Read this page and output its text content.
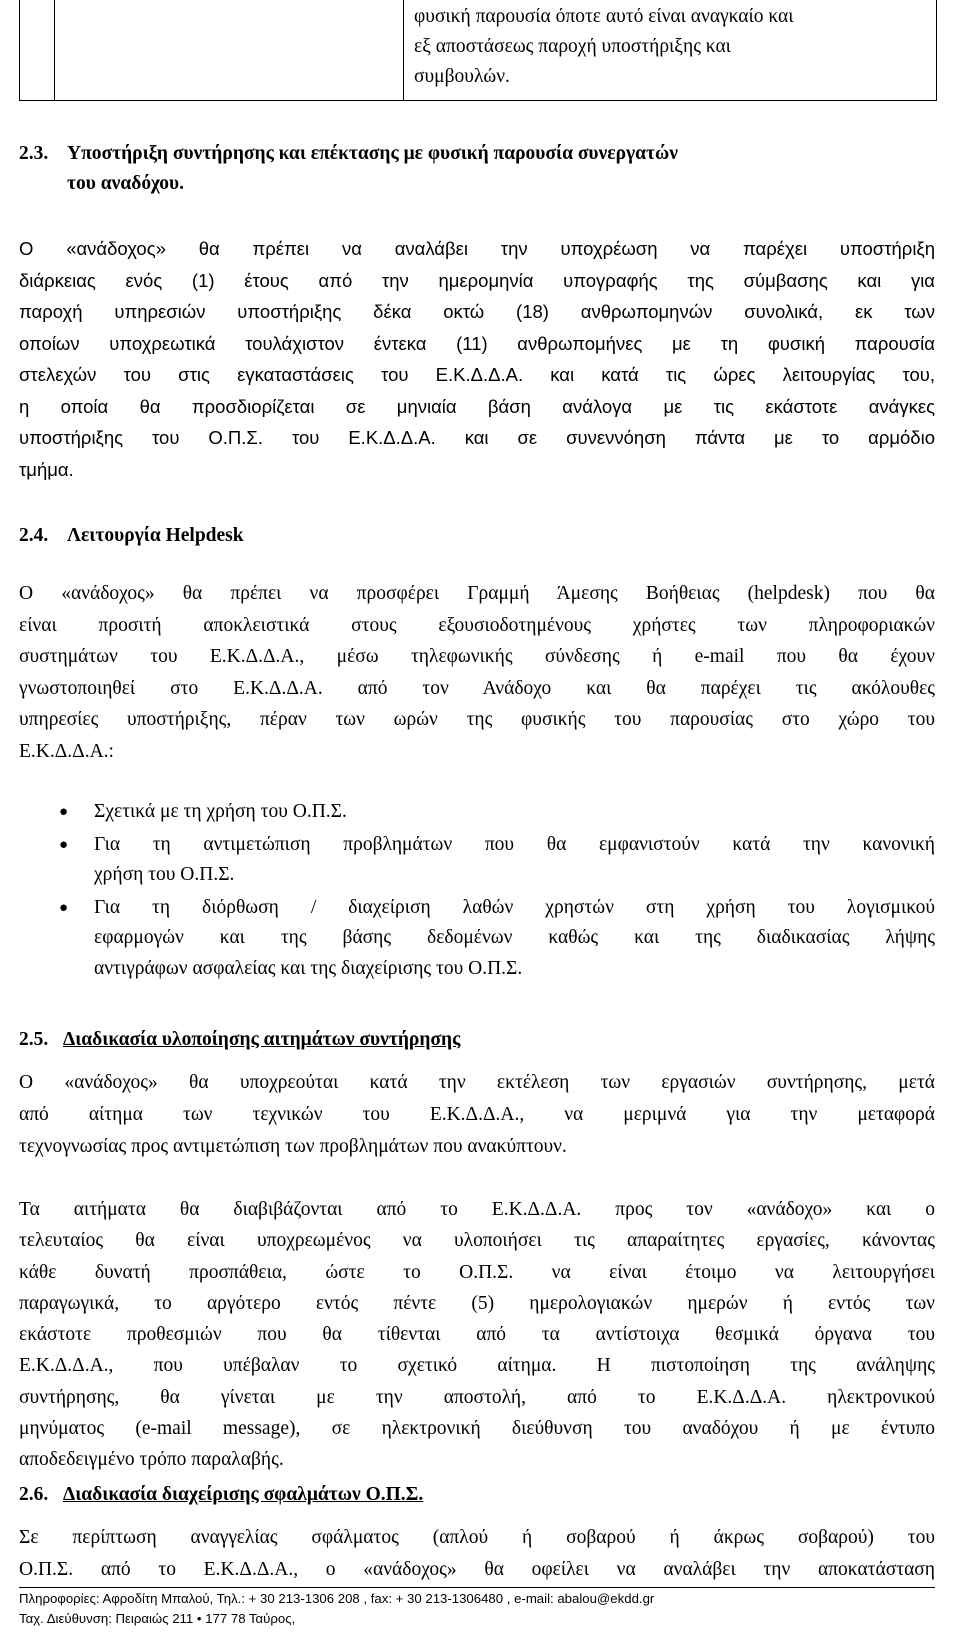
φυσική παρουσία όποτε αυτό είναι αναγκαίο και
εξ αποστάσεως παροχή υποστήριξης και
συμβουλών.
2.3. Υποστήριξη συντήρησης και επέκτασης με φυσική παρουσία συνεργατών
του αναδόχου.
Ο «ανάδοχος» θα πρέπει να αναλάβει την υποχρέωση να παρέχει υποστήριξη
διάρκειας ενός (1) έτους από την ημερομηνία υπογραφής της σύμβασης και για
παροχή υπηρεσιών υποστήριξης δέκα οκτώ (18) ανθρωπομηνών συνολικά, εκ των
οποίων υποχρεωτικά τουλάχιστον έντεκα (11) ανθρωπομήνες με τη φυσική παρουσία
στελεχών του στις εγκαταστάσεις του Ε.Κ.Δ.Δ.Α. και κατά τις ώρες λειτουργίας του,
η οποία θα προσδιορίζεται σε μηνιαία βάση ανάλογα με τις εκάστοτε ανάγκες
υποστήριξης του Ο.Π.Σ. του Ε.Κ.Δ.Δ.Α. και σε συνεννόηση πάντα με το αρμόδιο
τμήμα.
2.4. Λειτουργία Helpdesk
Ο «ανάδοχος» θα πρέπει να προσφέρει Γραμμή Άμεσης Βοήθειας (helpdesk) που θα
είναι προσιτή αποκλειστικά στους εξουσιοδοτημένους χρήστες των πληροφοριακών
συστημάτων του Ε.Κ.Δ.Δ.Α., μέσω τηλεφωνικής σύνδεσης ή e-mail που θα έχουν
γνωστοποιηθεί στο Ε.Κ.Δ.Δ.Α. από τον Ανάδοχο και θα παρέχει τις ακόλουθες
υπηρεσίες υποστήριξης, πέραν των ωρών της φυσικής του παρουσίας στο χώρο του
Ε.Κ.Δ.Δ.Α.:
● Σχετικά με τη χρήση του Ο.Π.Σ.
● Για τη αντιμετώπιση προβλημάτων που θα εμφανιστούν κατά την κανονική
χρήση του Ο.Π.Σ.
● Για τη διόρθωση / διαχείριση λαθών χρηστών στη χρήση του λογισμικού
εφαρμογών και της βάσης δεδομένων καθώς και της διαδικασίας λήψης
αντιγράφων ασφαλείας και της διαχείρισης του Ο.Π.Σ.
2.5. Διαδικασία υλοποίησης αιτημάτων συντήρησης
Ο «ανάδοχος» θα υποχρεούται κατά την εκτέλεση των εργασιών συντήρησης, μετά
από αίτημα των τεχνικών του Ε.Κ.Δ.Δ.Α., να μεριμνά για την μεταφορά
τεχνογνωσίας προς αντιμετώπιση των προβλημάτων που ανακύπτουν.
Τα αιτήματα θα διαβιβάζονται από το Ε.Κ.Δ.Δ.Α. προς τον «ανάδοχο» και ο
τελευταίος θα είναι υποχρεωμένος να υλοποιήσει τις απαραίτητες εργασίες, κάνοντας
κάθε δυνατή προσπάθεια, ώστε το Ο.Π.Σ. να είναι έτοιμο να λειτουργήσει
παραγωγικά, το αργότερο εντός πέντε (5) ημερολογιακών ημερών ή εντός των
εκάστοτε προθεσμιών που θα τίθενται από τα αντίστοιχα θεσμικά όργανα του
Ε.Κ.Δ.Δ.Α., που υπέβαλαν το σχετικό αίτημα. Η πιστοποίηση της ανάληψης
συντήρησης, θα γίνεται με την αποστολή, από το Ε.Κ.Δ.Δ.Α. ηλεκτρονικού
μηνύματος (e-mail message), σε ηλεκτρονική διεύθυνση του αναδόχου ή με έντυπο
αποδεδειγμένο τρόπο παραλαβής.
2.6. Διαδικασία διαχείρισης σφαλμάτων Ο.Π.Σ.
Σε περίπτωση αναγγελίας σφάλματος (απλού ή σοβαρού ή άκρως σοβαρού) του
Ο.Π.Σ. από το Ε.Κ.Δ.Δ.Α., ο «ανάδοχος» θα οφείλει να αναλάβει την αποκατάσταση
Πληροφορίες: Αφροδίτη Μπαλού, Τηλ.: + 30 213-1306 208 , fax: + 30 213-1306480 , e-mail: abalou@ekdd.gr
Ταχ. Διεύθυνση: Πειραιώς 211 • 177 78 Ταύρος,
